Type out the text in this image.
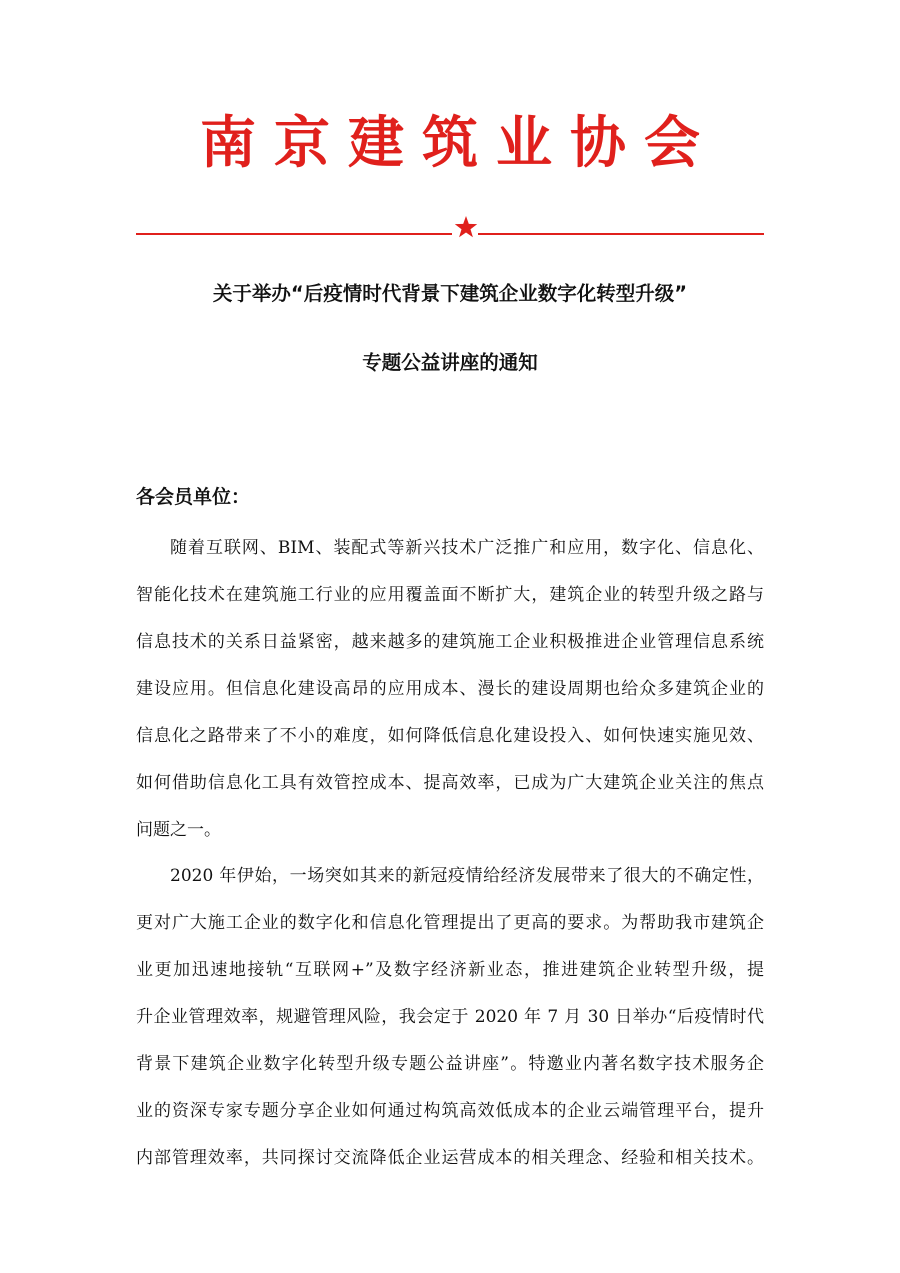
南京建筑业协会
关于举办“后疫情时代背景下建筑企业数字化转型升级”
专题公益讲座的通知
各会员单位：
随着互联网、BIM、装配式等新兴技术广泛推广和应用，数字化、信息化、
智能化技术在建筑施工行业的应用覆盖面不断扩大，建筑企业的转型升级之路与
信息技术的关系日益紧密，越来越多的建筑施工企业积极推进企业管理信息系统
建设应用。但信息化建设高昂的应用成本、漫长的建设周期也给众多建筑企业的
信息化之路带来了不小的难度，如何降低信息化建设投入、如何快速实施见效、
如何借助信息化工具有效管控成本、提高效率，已成为广大建筑企业关注的焦点
问题之一。
2020 年伊始，一场突如其来的新冠疫情给经济发展带来了很大的不确定性，
更对广大施工企业的数字化和信息化管理提出了更高的要求。为帮助我市建筑企
业更加迅速地接轨“互联网+”及数字经济新业态，推进建筑企业转型升级，提
升企业管理效率，规避管理风险，我会定于 2020 年 7 月 30 日举办“后疫情时代
背景下建筑企业数字化转型升级专题公益讲座”。特邀业内著名数字技术服务企
业的资深专家专题分享企业如何通过构筑高效低成本的企业云端管理平台，提升
内部管理效率，共同探讨交流降低企业运营成本的相关理念、经验和相关技术。
